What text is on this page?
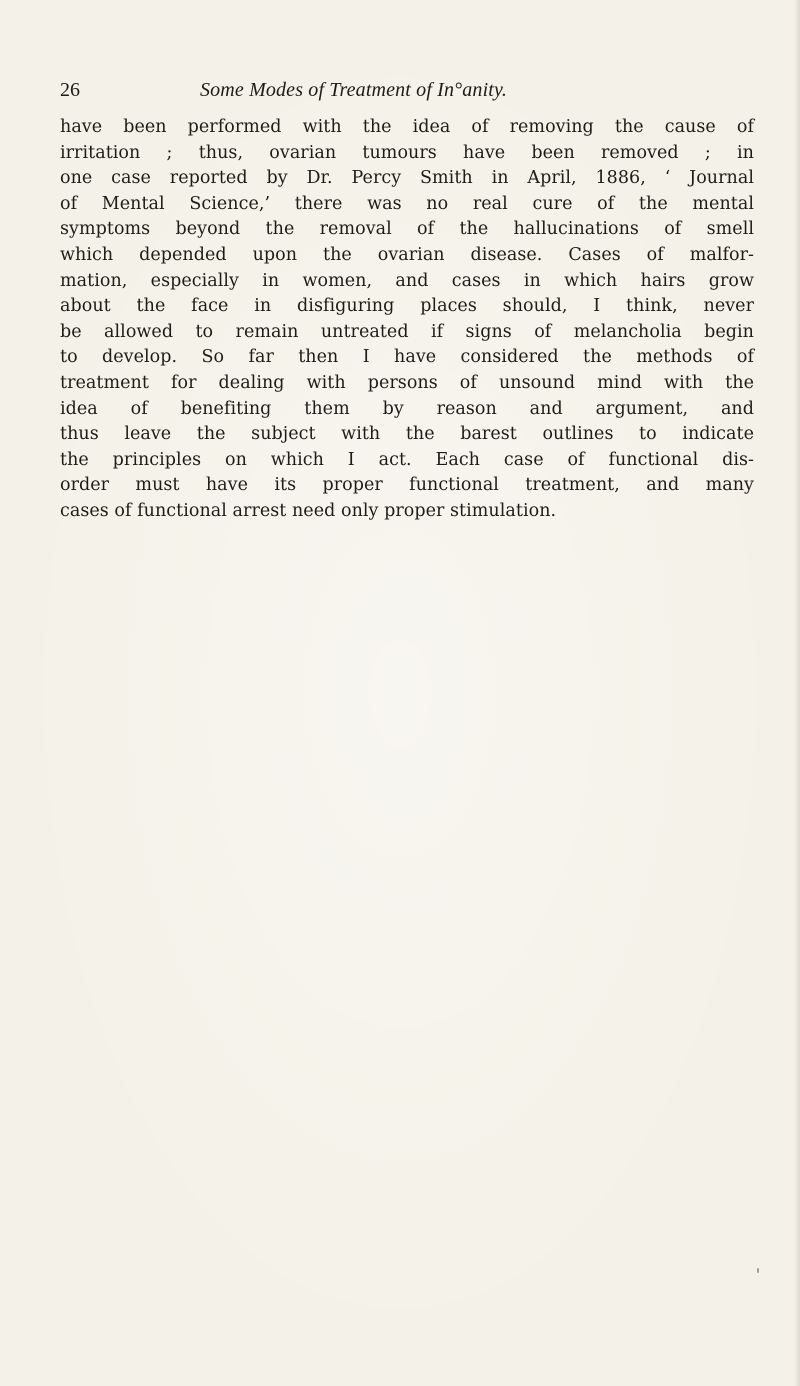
26	Some Modes of Treatment of In°anity.
have been performed with the idea of removing the cause of
irritation ; thus, ovarian tumours have been removed ; in
one case reported by Dr. Percy Smith in April, 1886, ‘ Journal
of Mental Science,’ there was no real cure of the mental
symptoms beyond the removal of the hallucinations of smell
which depended upon the ovarian disease. Cases of malfor-
mation, especially in women, and cases in which hairs grow
about the face in disfiguring places should, I think, never
be allowed to remain untreated if signs of melancholia begin
to develop. So far then I have considered the methods of
treatment for dealing with persons of unsound mind with the
idea of benefiting them by reason and argument, and
thus leave the subject with the barest outlines to indicate
the principles on which I act. Each case of functional dis-
order must have its proper functional treatment, and many
cases of functional arrest need only proper stimulation.
